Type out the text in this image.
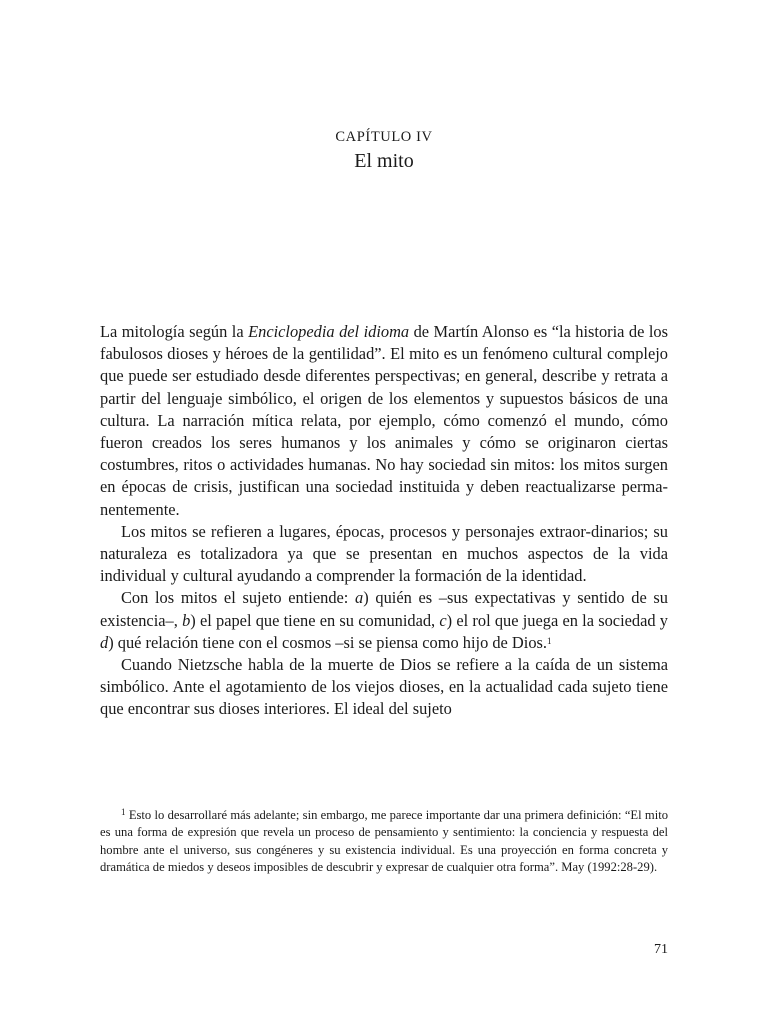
CAPÍTULO IV
El mito

La mitología según la Enciclopedia del idioma de Martín Alonso es “la historia de los fabulosos dioses y héroes de la gentilidad”. El mito es un fenómeno cultural complejo que puede ser estudiado desde diferentes perspectivas; en general, describe y retrata a partir del lenguaje simbólico, el origen de los elementos y supuestos básicos de una cultura. La narración mítica relata, por ejemplo, cómo comenzó el mundo, cómo fueron creados los seres humanos y los animales y cómo se originaron ciertas costumbres, ritos o actividades humanas. No hay sociedad sin mitos: los mitos surgen en épocas de crisis, justifican una sociedad instituida y deben reactualizarse perma-nentemente.

Los mitos se refieren a lugares, épocas, procesos y personajes extraor-dinarios; su naturaleza es totalizadora ya que se presentan en muchos aspectos de la vida individual y cultural ayudando a comprender la formación de la identidad.

Con los mitos el sujeto entiende: a) quién es –sus expectativas y sentido de su existencia–, b) el papel que tiene en su comunidad, c) el rol que juega en la sociedad y d) qué relación tiene con el cosmos –si se piensa como hijo de Dios.$^1$

Cuando Nietzsche habla de la muerte de Dios se refiere a la caída de un sistema simbólico. Ante el agotamiento de los viejos dioses, en la actualidad cada sujeto tiene que encontrar sus dioses interiores. El ideal del sujeto

$^1$ Esto lo desarrollaré más adelante; sin embargo, me parece importante dar una primera definición: “El mito es una forma de expresión que revela un proceso de pensamiento y sentimiento: la conciencia y respuesta del hombre ante el universo, sus congéneres y su existencia individual. Es una proyección en forma concreta y dramática de miedos y deseos imposibles de descubrir y expresar de cualquier otra forma”. May (1992:28-29).

71
